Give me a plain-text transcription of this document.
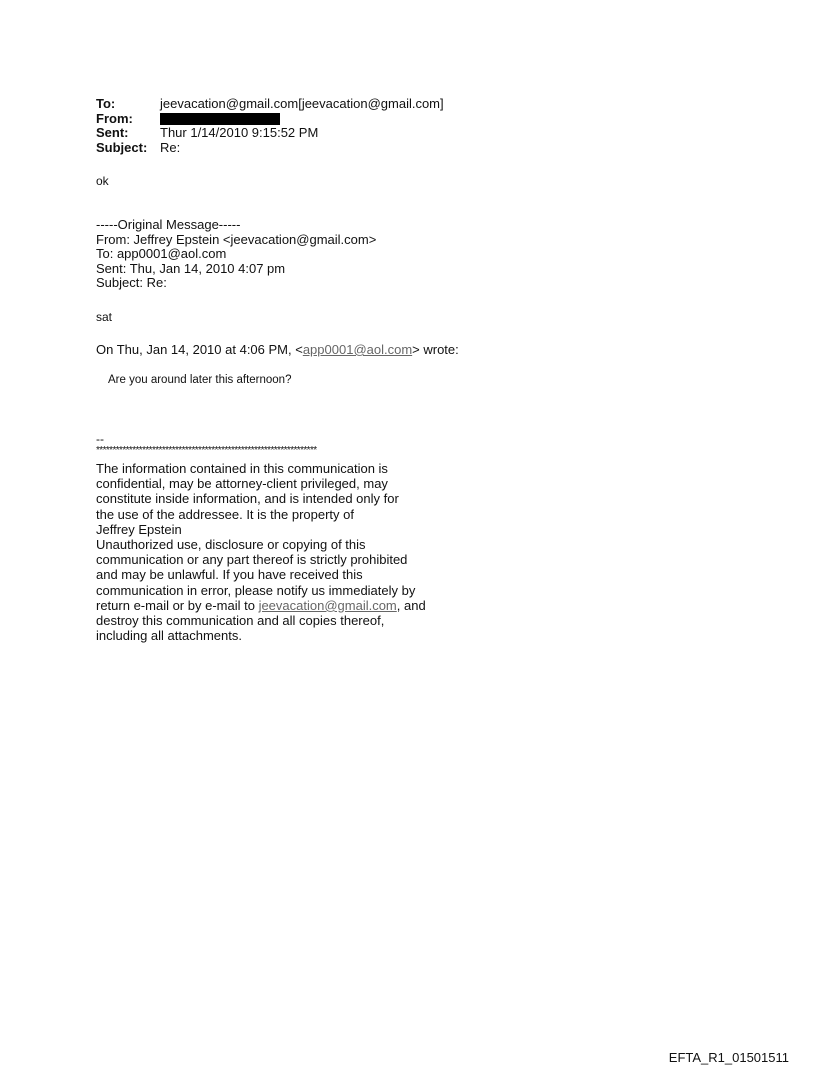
To:	jeevacation@gmail.com[jeevacation@gmail.com]
From:
Sent:	Thur 1/14/2010 9:15:52 PM
Subject: Re:
ok
-----Original Message-----
From: Jeffrey Epstein <jeevacation@gmail.com>
To: app0001@aol.com
Sent: Thu, Jan 14, 2010 4:07 pm
Subject: Re:
sat
On Thu, Jan 14, 2010 at 4:06 PM, <app0001@aol.com> wrote:
Are you around later this afternoon?
--
*******************************************************************
The information contained in this communication is
confidential, may be attorney-client privileged, may
constitute inside information, and is intended only for
the use of the addressee. It is the property of
Jeffrey Epstein
Unauthorized use, disclosure or copying of this
communication or any part thereof is strictly prohibited
and may be unlawful. If you have received this
communication in error, please notify us immediately by
return e-mail or by e-mail to jeevacation@gmail.com, and
destroy this communication and all copies thereof,
including all attachments.
EFTA_R1_01501511
